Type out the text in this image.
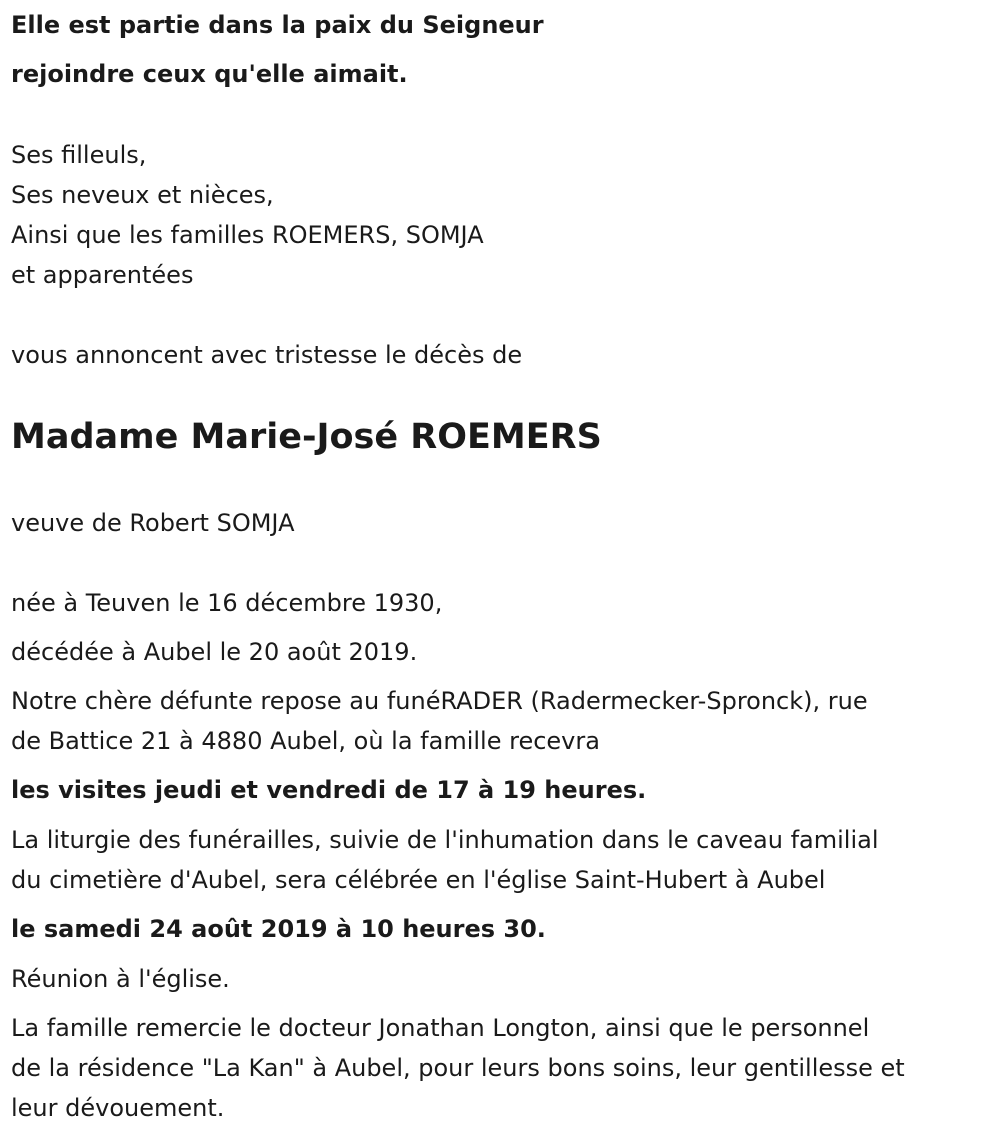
Elle est partie dans la paix du Seigneur
rejoindre ceux qu'elle aimait.
Ses filleuls,
Ses neveux et nièces,
Ainsi que les familles ROEMERS, SOMJA
et apparentées
vous annoncent avec tristesse le décès de
Madame Marie-José ROEMERS
veuve de Robert SOMJA
née à Teuven le 16 décembre 1930,
décédée à Aubel le 20 août 2019.
Notre chère défunte repose au funéRADER (Radermecker-Spronck), rue
de Battice 21 à 4880 Aubel, où la famille recevra
les visites jeudi et vendredi de 17 à 19 heures.
La liturgie des funérailles, suivie de l'inhumation dans le caveau familial
du cimetière d'Aubel, sera célébrée en l'église Saint-Hubert à Aubel
le samedi 24 août 2019 à 10 heures 30.
Réunion à l'église.
La famille remercie le docteur Jonathan Longton, ainsi que le personnel
de la résidence "La Kan" à Aubel, pour leurs bons soins, leur gentillesse et
leur dévouement.
